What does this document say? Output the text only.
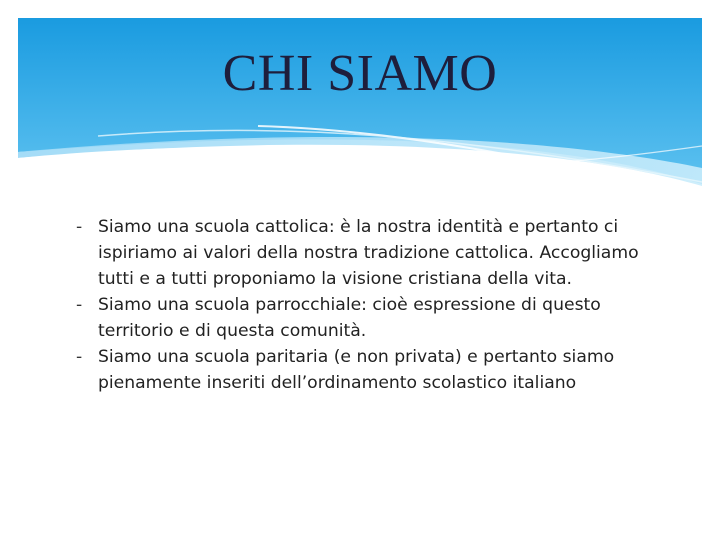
CHI SIAMO

- Siamo una scuola cattolica: è la nostra identità e pertanto ci ispiriamo ai valori della nostra tradizione cattolica. Accogliamo tutti e a tutti proponiamo la visione cristiana della vita.

- Siamo una scuola parrocchiale: cioè espressione di questo territorio e di questa comunità.

- Siamo una scuola paritaria (e non privata) e pertanto siamo pienamente inseriti dell’ordinamento scolastico italiano
